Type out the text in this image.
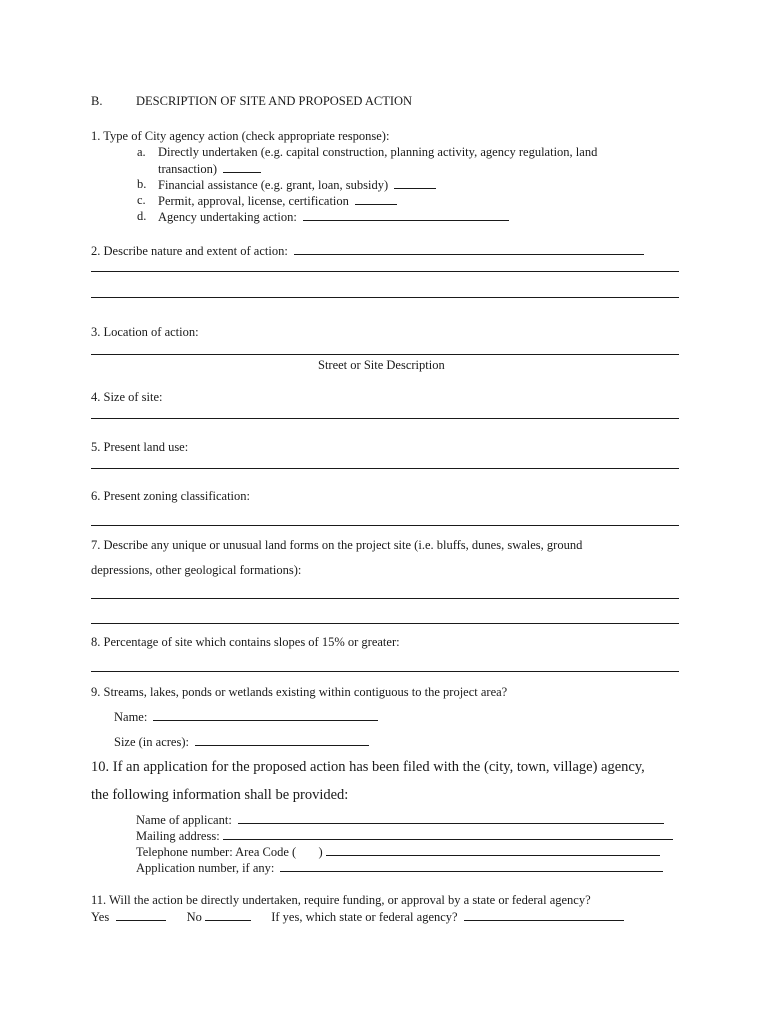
B.	DESCRIPTION OF SITE AND PROPOSED ACTION
1. Type of City agency action (check appropriate response):
a. Directly undertaken (e.g. capital construction, planning activity, agency regulation, land
transaction)
b. Financial assistance (e.g. grant, loan, subsidy)
c. Permit, approval, license, certification
d. Agency undertaking action:
2. Describe nature and extent of action:
3. Location of action:
Street or Site Description
4. Size of site:
5. Present land use:
6. Present zoning classification:
7. Describe any unique or unusual land forms on the project site (i.e. bluffs, dunes, swales, ground
depressions, other geological formations):
8. Percentage of site which contains slopes of 15% or greater:
9. Streams, lakes, ponds or wetlands existing within contiguous to the project area?
Name:
Size (in acres):
10. If an application for the proposed action has been filed with the (city, town, village) agency,
the following information shall be provided:
Name of applicant:
Mailing address:
Telephone number: Area Code ( )
Application number, if any:
11. Will the action be directly undertaken, require funding, or approval by a state or federal agency?
Yes	No	If yes, which state or federal agency?
